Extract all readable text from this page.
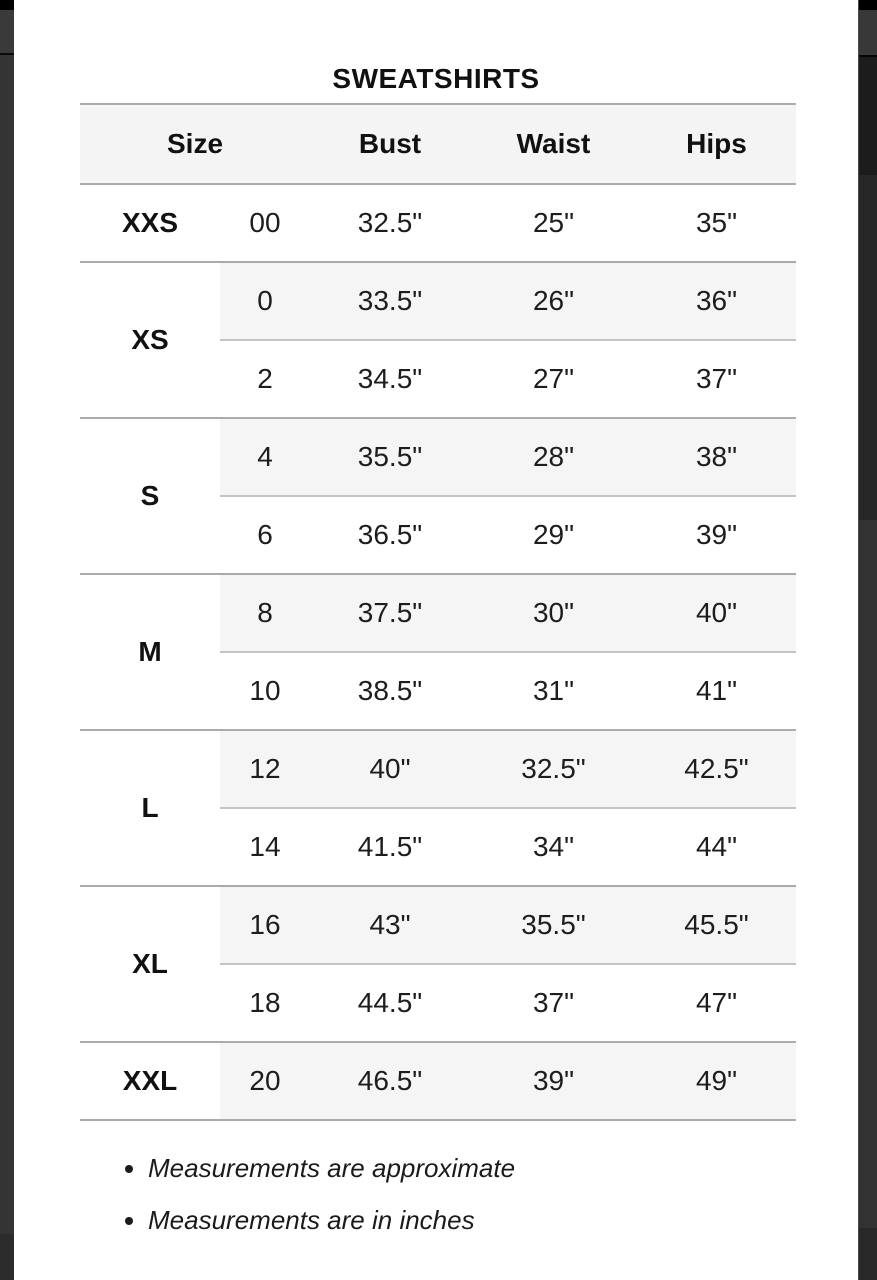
SWEATSHIRTS
Size		Bust	Waist	Hips
XXS	00	32.5"	25"	35"
XS	0	33.5"	26"	36"
	2	34.5"	27"	37"
S	4	35.5"	28"	38"
	6	36.5"	29"	39"
M	8	37.5"	30"	40"
	10	38.5"	31"	41"
L	12	40"	32.5"	42.5"
	14	41.5"	34"	44"
XL	16	43"	35.5"	45.5"
	18	44.5"	37"	47"
XXL	20	46.5"	39"	49"
• Measurements are approximate
• Measurements are in inches
